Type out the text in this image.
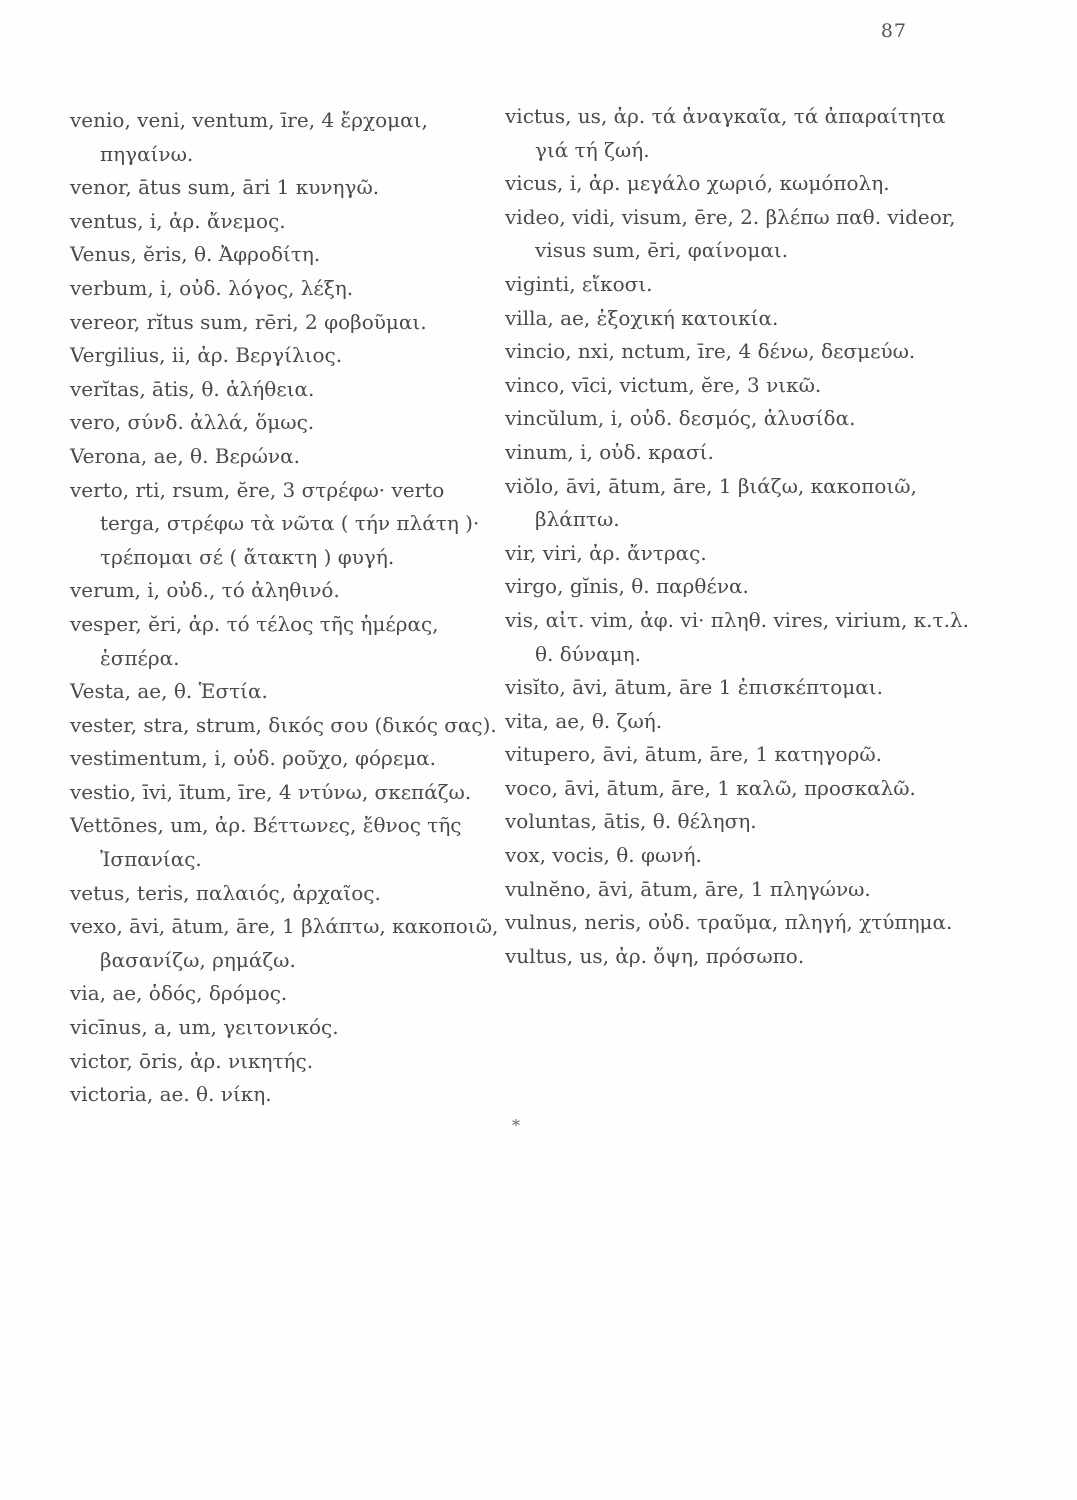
87

venio, veni, ventum, īre, 4 ἔρχομαι, πηγαίνω.

venor, ātus sum, āri 1 κυνηγῶ.

ventus, i, ἀρ. ἄνεμος.

Venus, ĕris, θ. Ἀφροδίτη.

verbum, i, οὐδ. λόγος, λέξη.

vereor, rĭtus sum, rēri, 2 φοβοῦμαι.

Vergilius, ii, ἀρ. Βεργίλιος.

verĭtas, ātis, θ. ἀλήθεια.

vero, σύνδ. ἀλλά, ὅμως.

Verona, ae, θ. Βερώνα.

verto, rti, rsum, ĕre, 3 στρέφω· verto terga, στρέφω τὰ νῶτα ( τήν πλάτη )· τρέπομαι σέ ( ἄτακτη ) φυγή.

verum, i, οὐδ., τό ἀληθινό.

vesper, ĕri, ἀρ. τό τέλος τῆς ἡμέρας, ἑσπέρα.

Vesta, ae, θ. Ἑστία.

vester, stra, strum, δικός σου (δικός σας).

vestimentum, i, οὐδ. ροῦχο, φόρεμα.

vestio, īvi, ītum, īre, 4 ντύνω, σκεπάζω.

Vettōnes, um, ἀρ. Βέττωνες, ἔθνος τῆς Ἰσπανίας.

vetus, teris, παλαιός, ἀρχαῖος.

vexo, āvi, ātum, āre, 1 βλάπτω, κακοποιῶ, βασανίζω, ρημάζω.

via, ae, ὁδός, δρόμος.

vicīnus, a, um, γειτονικός.

victor, ōris, ἀρ. νικητής.

victoria, ae. θ. νίκη.

victus, us, ἀρ. τά ἀναγκαῖα, τά ἀπαραίτητα γιά τή ζωή.

vicus, i, ἀρ. μεγάλο χωριό, κωμόπολη.

video, vidi, visum, ēre, 2. βλέπω παθ. videor, visus sum, ēri, φαίνομαι.

viginti, εἴκοσι.

villa, ae, ἐξοχική κατοικία.

vincio, nxi, nctum, īre, 4 δένω, δεσμεύω.

vinco, vīci, victum, ĕre, 3 νικῶ.

vincŭlum, i, οὐδ. δεσμός, ἁλυσίδα.

vinum, i, οὐδ. κρασί.

viŏlo, āvi, ātum, āre, 1 βιάζω, κακοποιῶ, βλάπτω.

vir, viri, ἀρ. ἄντρας.

virgo, gĭnis, θ. παρθένα.

vis, αἰτ. vim, ἀφ. vi· πληθ. vires, virium, κ.τ.λ. θ. δύναμη.

visĭto, āvi, ātum, āre 1 ἐπισκέπτομαι.

vita, ae, θ. ζωή.

vitupero, āvi, ātum, āre, 1 κατηγορῶ.

voco, āvi, ātum, āre, 1 καλῶ, προσκαλῶ.

voluntas, ātis, θ. θέληση.

vox, vocis, θ. φωνή.

vulnĕno, āvi, ātum, āre, 1 πληγώνω.

vulnus, neris, οὐδ. τραῦμα, πληγή, χτύπημα.

vultus, us, ἀρ. ὄψη, πρόσωπο.

*
